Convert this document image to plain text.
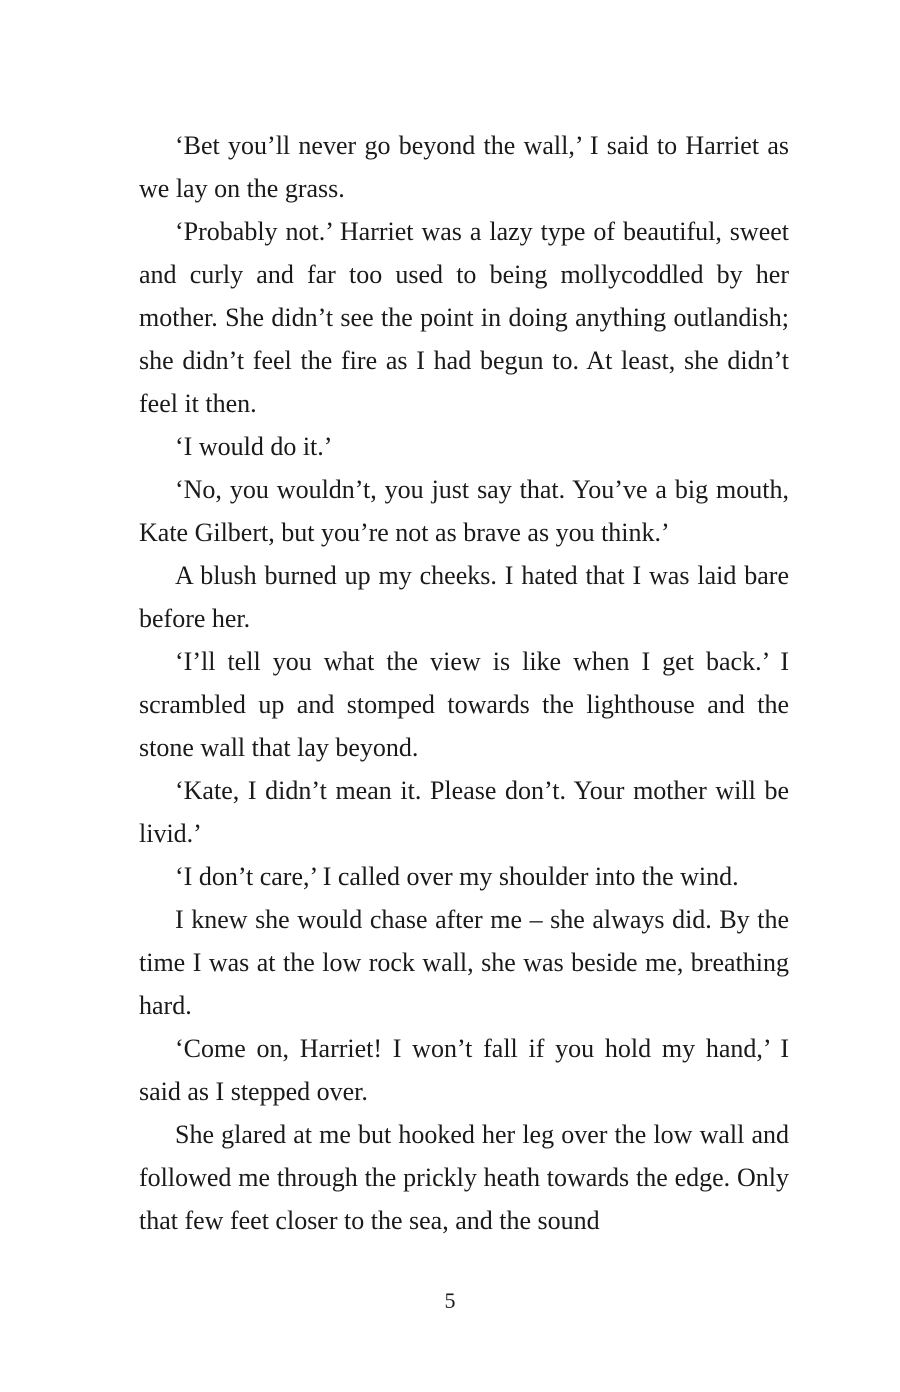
‘Bet you’ll never go beyond the wall,’ I said to Harriet as we lay on the grass.

‘Probably not.’ Harriet was a lazy type of beautiful, sweet and curly and far too used to being mollycoddled by her mother. She didn’t see the point in doing anything outlandish; she didn’t feel the fire as I had begun to. At least, she didn’t feel it then.

‘I would do it.’

‘No, you wouldn’t, you just say that. You’ve a big mouth, Kate Gilbert, but you’re not as brave as you think.’

A blush burned up my cheeks. I hated that I was laid bare before her.

‘I’ll tell you what the view is like when I get back.’ I scrambled up and stomped towards the lighthouse and the stone wall that lay beyond.

‘Kate, I didn’t mean it. Please don’t. Your mother will be livid.’

‘I don’t care,’ I called over my shoulder into the wind.

I knew she would chase after me – she always did. By the time I was at the low rock wall, she was beside me, breathing hard.

‘Come on, Harriet! I won’t fall if you hold my hand,’ I said as I stepped over.

She glared at me but hooked her leg over the low wall and followed me through the prickly heath towards the edge. Only that few feet closer to the sea, and the sound

5
